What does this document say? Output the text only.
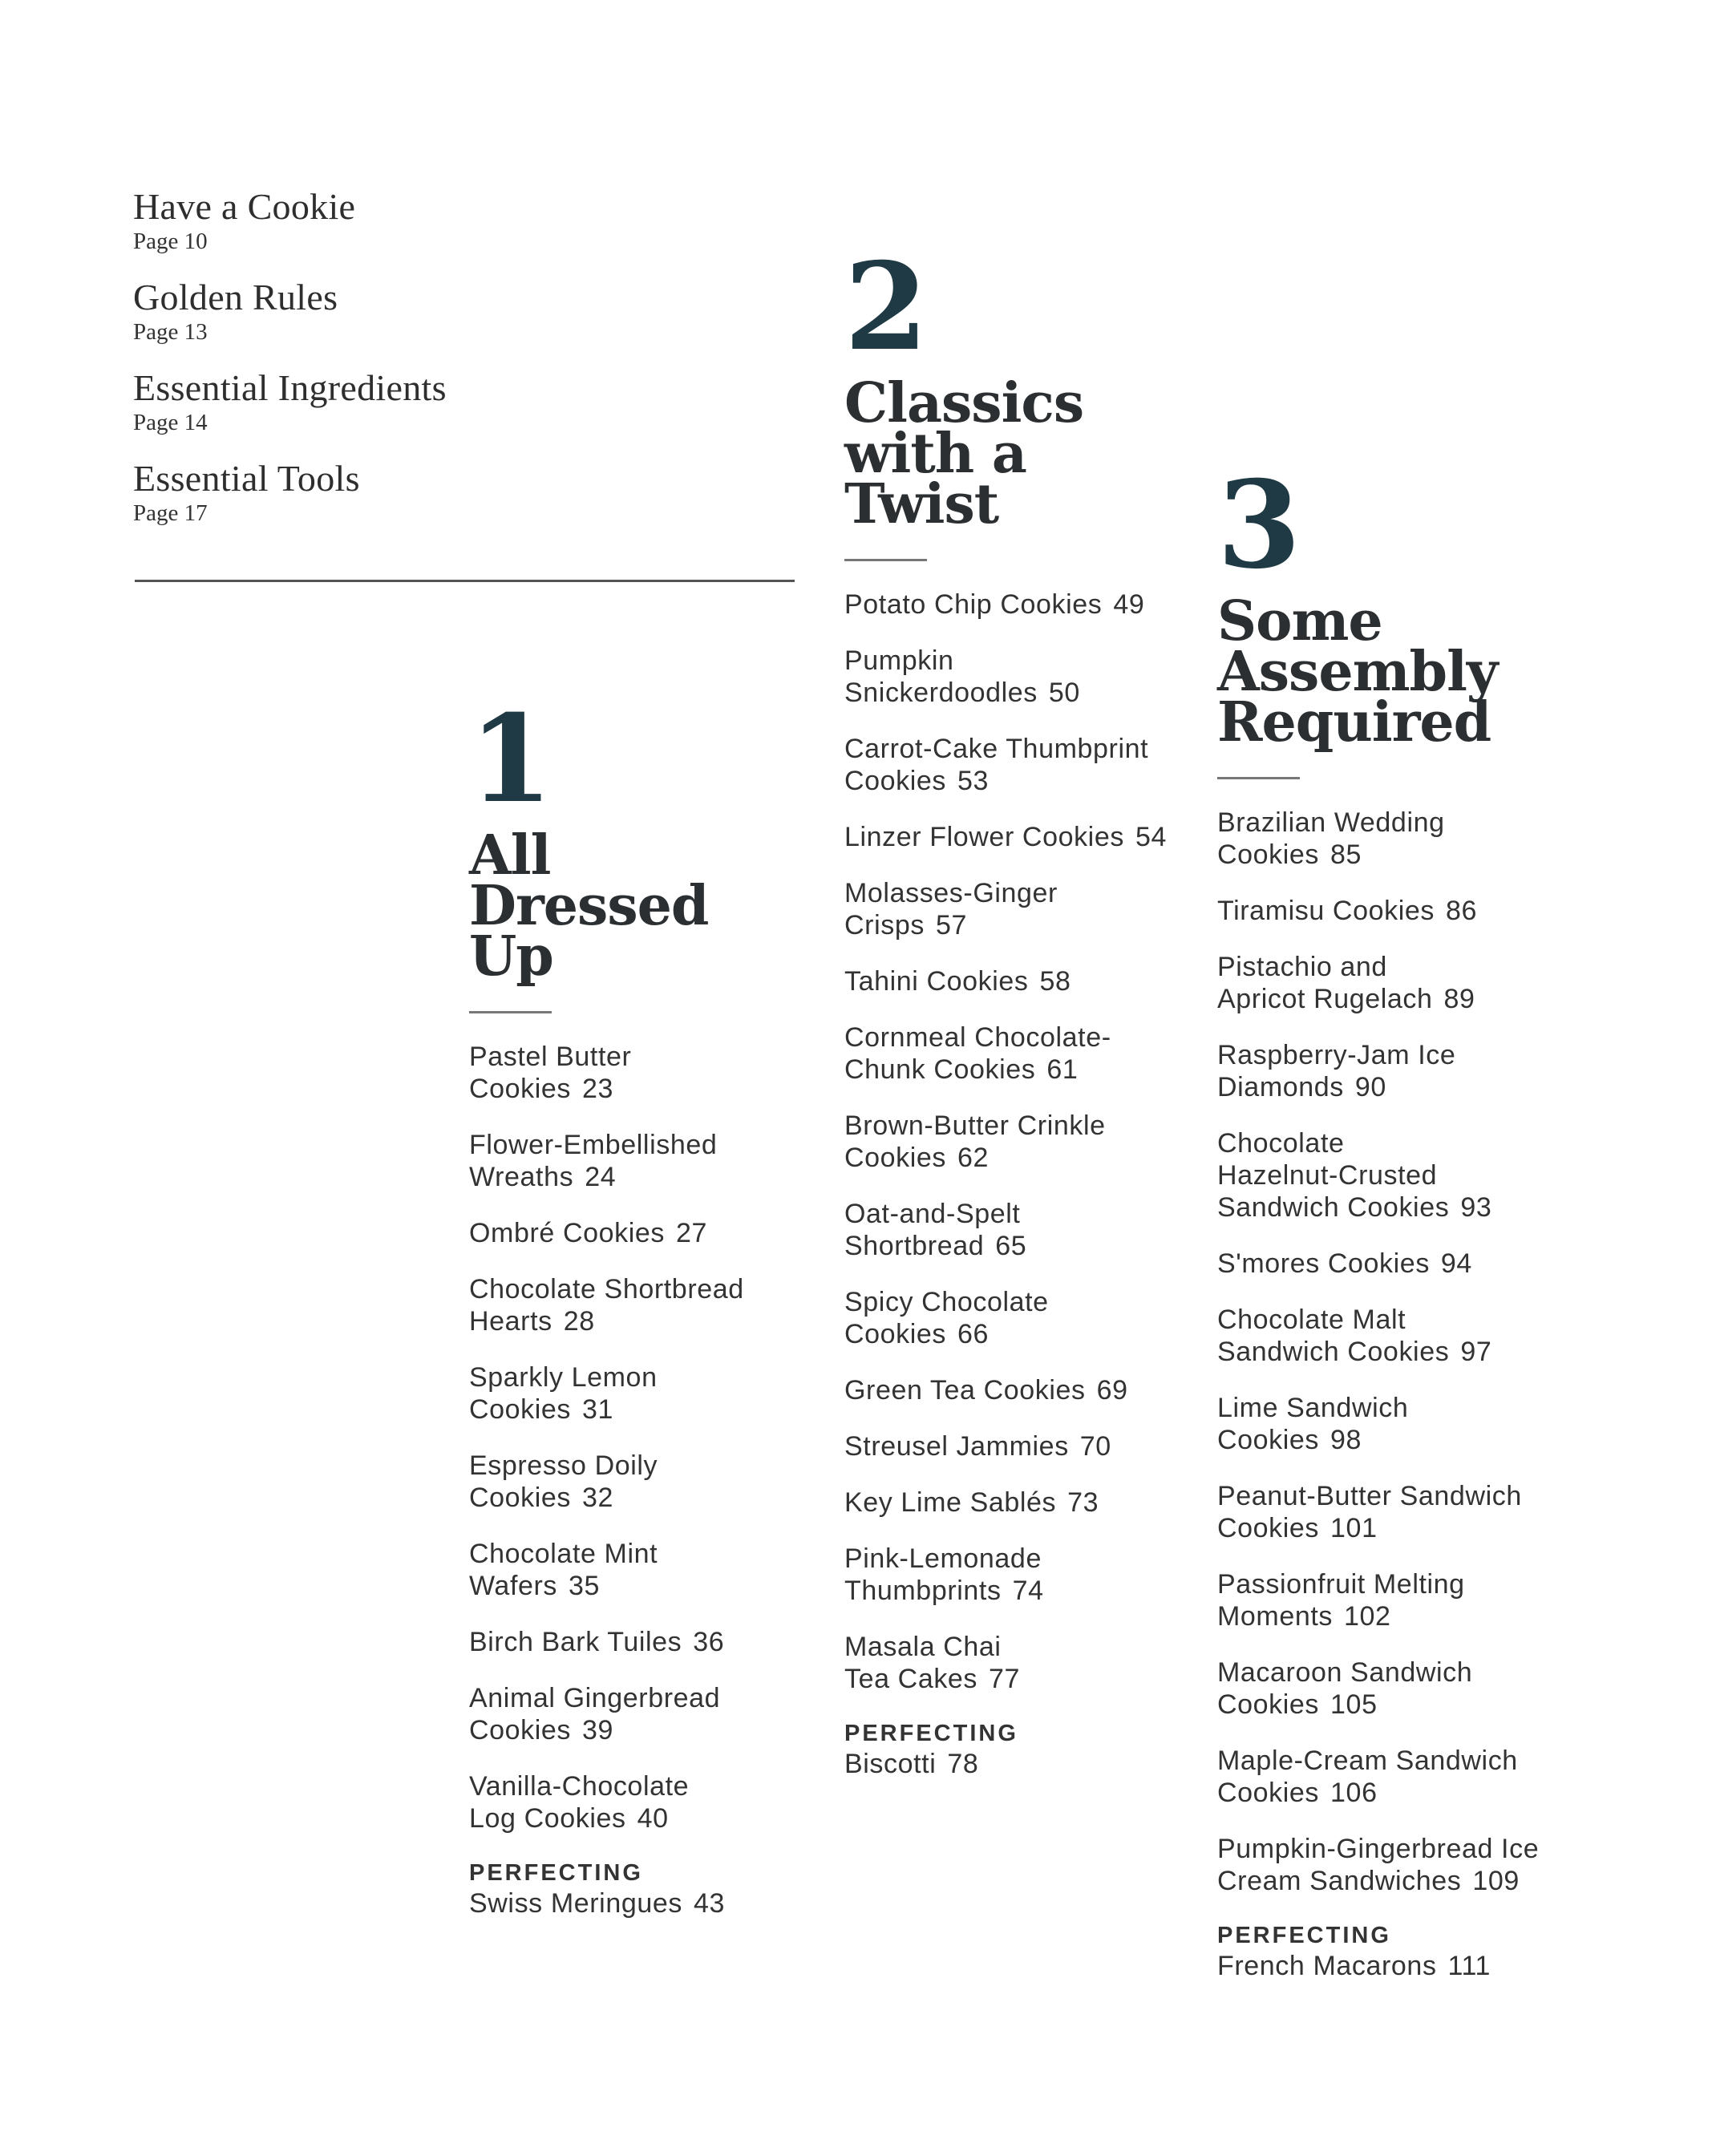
Have a Cookie
Page 10
Golden Rules
Page 13
Essential Ingredients
Page 14
Essential Tools
Page 17
1
All
Dressed
Up
Pastel Butter
Cookies 23
Flower-Embellished
Wreaths 24
Ombré Cookies 27
Chocolate Shortbread
Hearts 28
Sparkly Lemon
Cookies 31
Espresso Doily
Cookies 32
Chocolate Mint
Wafers 35
Birch Bark Tuiles 36
Animal Gingerbread
Cookies 39
Vanilla-Chocolate
Log Cookies 40
PERFECTING
Swiss Meringues 43
2
Classics
with a
Twist
Potato Chip Cookies 49
Pumpkin
Snickerdoodles 50
Carrot-Cake Thumbprint
Cookies 53
Linzer Flower Cookies 54
Molasses-Ginger
Crisps 57
Tahini Cookies 58
Cornmeal Chocolate-
Chunk Cookies 61
Brown-Butter Crinkle
Cookies 62
Oat-and-Spelt
Shortbread 65
Spicy Chocolate
Cookies 66
Green Tea Cookies 69
Streusel Jammies 70
Key Lime Sablés 73
Pink-Lemonade
Thumbprints 74
Masala Chai
Tea Cakes 77
PERFECTING
Biscotti 78
3
Some
Assembly
Required
Brazilian Wedding
Cookies 85
Tiramisu Cookies 86
Pistachio and
Apricot Rugelach 89
Raspberry-Jam Ice
Diamonds 90
Chocolate
Hazelnut-Crusted
Sandwich Cookies 93
S'mores Cookies 94
Chocolate Malt
Sandwich Cookies 97
Lime Sandwich
Cookies 98
Peanut-Butter Sandwich
Cookies 101
Passionfruit Melting
Moments 102
Macaroon Sandwich
Cookies 105
Maple-Cream Sandwich
Cookies 106
Pumpkin-Gingerbread Ice
Cream Sandwiches 109
PERFECTING
French Macarons 111
